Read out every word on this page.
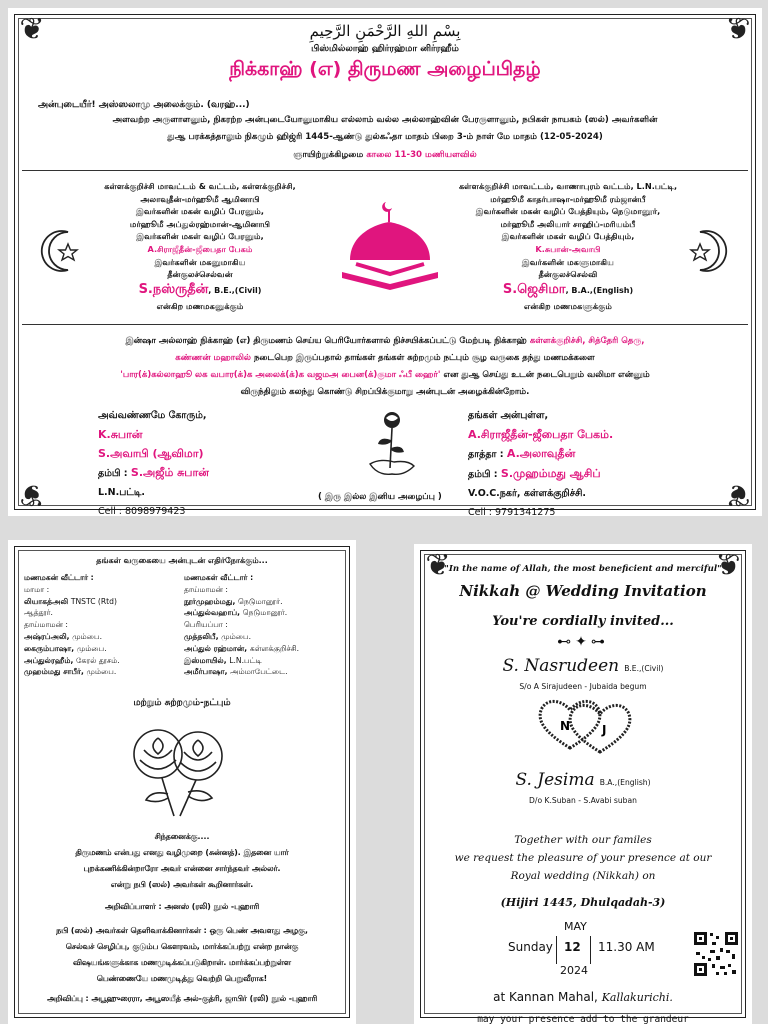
❦	❦
❦	❦
بِسْمِ اللهِ الرَّحْمَنِ الرَّحِيمِ
பிஸ்மில்லாஹ் ஹிர்ரஹ்மா னிர்ரஹீம்
நிக்காஹ் (எ) திருமண அழைப்பிதழ்
அன்புடையீர்! அஸ்ஸலாமு அலைக்கும். (வரஹ்...)
அளவற்ற அருளாளனும், நிகரற்ற அன்புடையோனுமாகிய எல்லாம் வல்ல அல்லாஹ்வின் பேரருளானும், நபிகள் நாயகம் (ஸல்) அவர்களின்
துஆ பரக்கத்தாலும் நிகழும் ஹிஜ்ரி 1445-ஆண்டு துல்கஃதா மாதம் பிறை 3-ம் நாள் மே மாதம் (12-05-2024)
ஞாயிற்றுக்கிழமை காலை 11-30 மணியளவில்
கள்ளக்குறிச்சி மாவட்டம் & வட்டம், கள்ளக்குறிச்சி,
அலாவுதீன்-மர்ஹூமீ ஆமினாபி
இவர்களின் மகன் வழிப் பேரனும்,
மர்ஹூமீ அப்துல்ரஹ்மான்-ஆமினாபி
இவர்களின் மகள் வழிப் பேரனும்,
A.சிராஜீதீன்-ஜீபைதா பேகம்
இவர்களின் மகனுமாகிய
தீன்குலச்செல்வன்
S.நஸ்ருதீன், B.E.,(Civil)
என்கிற மணமகனுக்கும்
கள்ளக்குறிச்சி மாவட்டம், வாணாபுரம் வட்டம், L.N.பட்டி,
மர்ஹூமீ காதர்பாஷா-மர்ஹூமீ ரம்ஜான்பீ
இவர்களின் மகன் வழிப் பேத்தியும், நெடுமானூர்,
மர்ஹூமீ அலியார் சாஹிப்-மரியம்பீ
இவர்களின் மகள் வழிப் பேத்தியும்,
K.சுபான்-அவாபி
இவர்களின் மகளுமாகிய
தீன்குலச்செல்வி
S.ஜெசிமா, B.A.,(English)
என்கிற மணமகளுக்கும்
இன்ஷா அல்லாஹ் நிக்காஹ் (எ) திருமணம் செய்ய பெரியோர்களால் நிச்சயிக்கப்பட்டு மேற்படி நிக்காஹ் கள்ளக்குறிச்சி, சித்தேரி தெரு,
கண்ணன் மஹாலில் நடைபெற இருப்பதால் தாங்கள் தங்கள் சுற்றமும் நட்பும் சூழ வருகை தந்து மணமக்களை
'பார(க்)கல்லாஹூ லக வபார(க்)க அலைக்(க்)க வஜமஅ பைன(க்)குமா ஃபீ ஹைர்' என துஆ செய்து உடன் நடைபெறும் வலிமா என்னும்
விருந்திலும் கலந்து கொண்டு சிறப்பிக்குமாறு அன்புடன் அழைக்கின்றோம்.
அவ்வண்ணமே கோரும்,
K.சுபான்
S.அவாபி (ஆவிமா)
தம்பி : S.அஜீம் சுபான்
L.N.பட்டி.
Cell : 8098979423
தங்கள் அன்புள்ள,
A.சிராஜீதீன்-ஜீபைதா பேகம்.
தாத்தா : A.அலாவுதீன்
தம்பி : S.முஹம்மது ஆசிப்
V.O.C.நகர், கள்ளக்குறிச்சி.
Cell : 9791341275
( இரு இல்ல இனிய அழைப்பு )
தங்கள் வருகையை அன்புடன் எதிர்நோக்கும்...
மணமகன் வீட்டார் :
மாமா :
லியாகத்அலி TNSTC (Rtd)
ஆத்தூர்.
தாய்மாமன் :
அஷ்ரப்அலி, மும்பை.
கைரும்பாஷா, மும்பை.
அப்துல்ரஹீம், கேரல் தூசம்.
முஹம்மது சாபீர், மும்பை.
மணமகள் வீட்டார் :
தாய்மாமன் :
நூர்முஹம்மது, நெடுமானூர்.
அப்துல்வஹாப், நெடுமானூர்.
பெரியப்பா :
முத்தலிபீ, மும்பை.
அப்துல் ரஹ்மான், கள்ளக்குறிச்சி.
இஸ்மாயில், L.N.பட்டி
அமீர்பாஷா, அம்மாபேட்டை.
மற்றும் சுற்றமும்-நட்பும்
சிந்தனைக்கு....
திருமணம் என்பது எனது வழிமுறை (சுன்னத்). இதனை யார்
புறக்கணிக்கின்றாரோ அவர் என்னை சார்ந்தவர் அல்லர்.
என்று நபி (ஸல்) அவர்கள் கூறினார்கள்.
அறிவிப்பாளர் : அனஸ் (ரலி) நூல் -புஹாரி
நபி (ஸல்) அவர்கள் தெளிவாக்கினார்கள் : ஒரு பெண் அவளது அழகு,
செல்வச் செழிப்பு, குடும்ப கௌரவம், மார்க்கப்பற்று என்ற நான்கு
விஷயங்களுக்காக மணமுடிக்கப்படுகிறாள். மார்க்கப்பற்றுள்ள
பெண்ணையே மணமுடித்து வெற்றி பெறுவீராக!
அறிவிப்பு : அபூஹுரைரா, அபூஸயீத் அல்-குத்ரி, ஜாபிர் (ரலி) நூல் -புஹாரி
❦	❦
"In the name of Allah, the most beneficient and merciful"
Nikkah @ Wedding Invitation
You're cordially invited...
⊷✦⊶
S. Nasrudeen B.E.,(Civil)
S/o A Sirajudeen - Jubaida begum
N	J
S. Jesima B.A.,(English)
D/o K.Suban - S.Avabi suban
Together with our familes
we request the pleasure of your presence at our
Royal wedding (Nikkah) on
(Hijiri 1445, Dhulqadah-3)
MAY
Sunday 12 11.30 AM
2024
at Kannan Mahal, Kallakurichi.
may your presence add to the grandeur
